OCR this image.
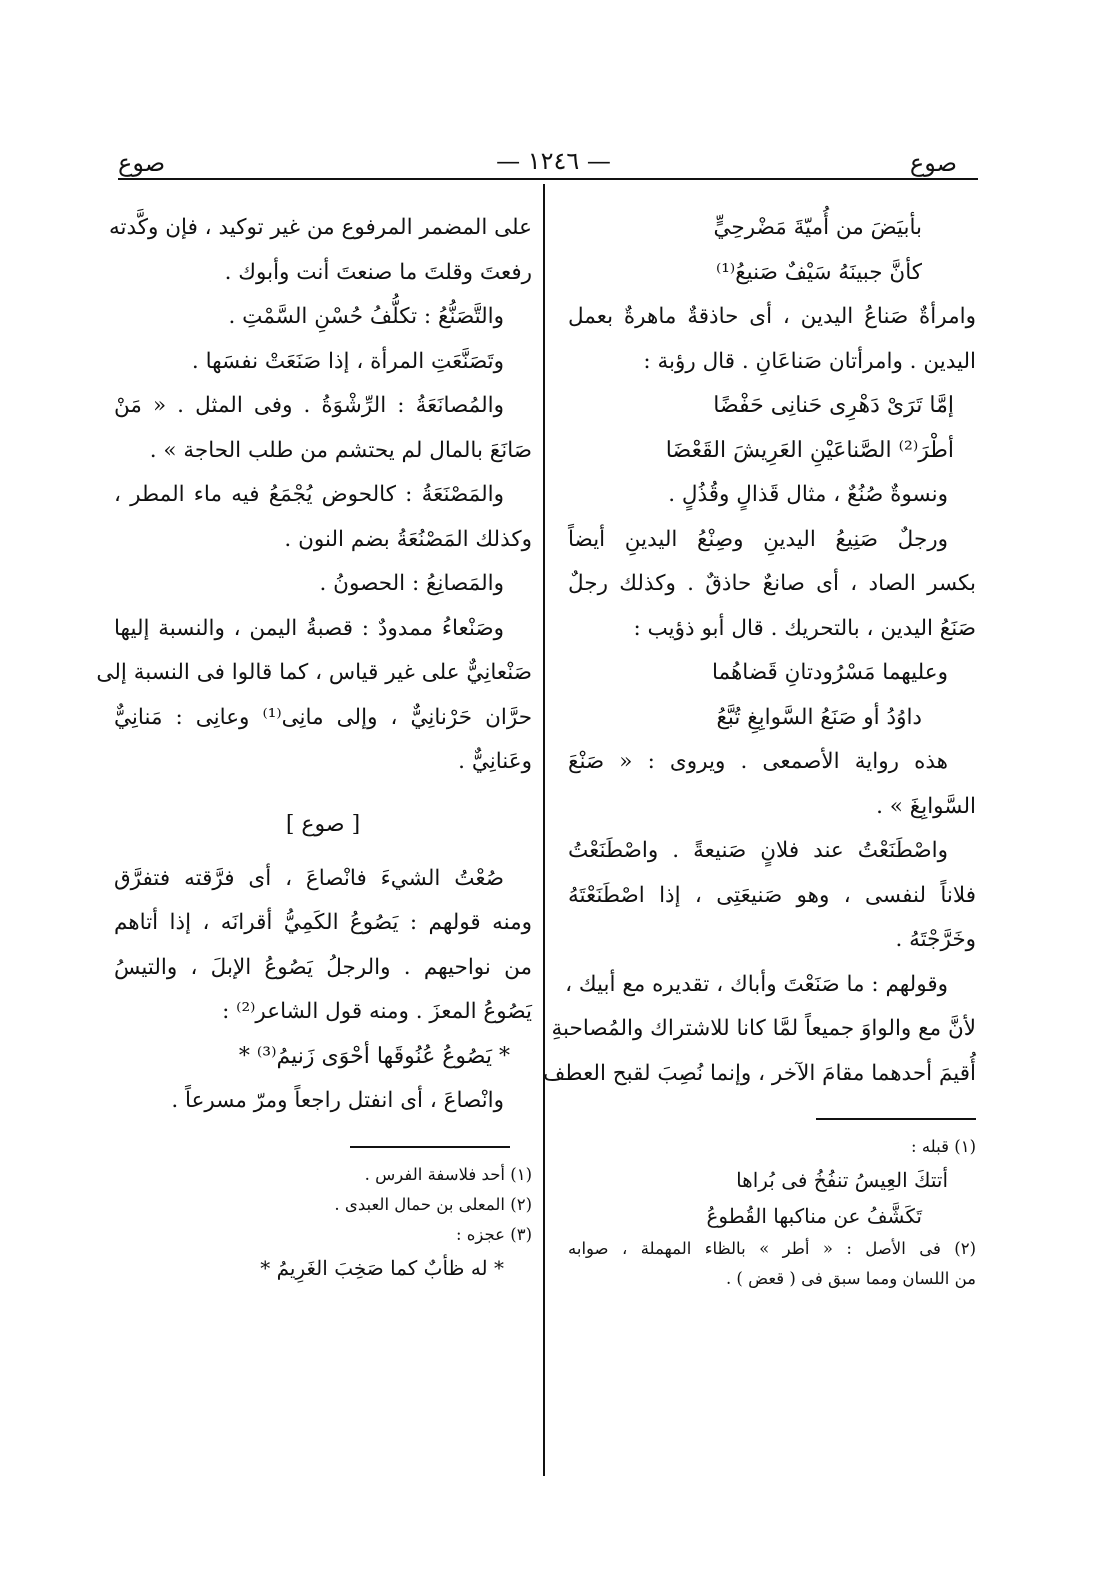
صوع
— ١٢٤٦ —
صوع
بأبيَضَ من أُميّةَ مَضْرحِيٍّ
كأنَّ جبينَهُ سَيْفٌ صَنيعُ⁽¹⁾
وامرأةٌ صَناعُ اليدين ، أى حاذقةٌ ماهرةٌ بعمل
اليدين . وامرأتان صَناعَانِ . قال رؤبة :
إمَّا تَرَىْ دَهْرِى حَنانِى حَفْضًا
أطْرَ⁽²⁾ الصَّناعَيْنِ العَرِيشَ القَعْضَا
ونسوةٌ صُنُعٌ ، مثال قَذالٍ وقُذُلٍ .
ورجلٌ صَنِيعُ اليدينِ وصِنْعُ اليدينِ أيضاً
بكسر الصاد ، أى صانعٌ حاذقٌ . وكذلك رجلٌ
صَنَعُ اليدين ، بالتحريك . قال أبو ذؤيب :
وعليهما مَسْرُودتانِ قَضاهُما
داوُدُ أو صَنَعُ السَّوابِغِ تُبَّعُ
هذه رواية الأصمعى . ويروى : « صَنْعَ
السَّوابِغَ » .
واصْطَنَعْتُ عند فلانٍ صَنيعةً . واصْطَنَعْتُ
فلاناً لنفسى ، وهو صَنيعَتِى ، إذا اصْطَنَعْتَهُ
وخَرَّجْتَهُ .
وقولهم : ما صَنَعْتَ وأباك ، تقديره مع أبيك ،
لأنَّ مع والواوَ جميعاً لمَّا كانا للاشتراك والمُصاحبةِ
أُقيمَ أحدهما مقامَ الآخر ، وإنما نُصِبَ لقبح العطف
(١) قبله :
أتتكَ العِيسُ تنفُخُ فى بُراها
تَكَشَّفُ عن مناكبها القُطوعُ
(٢) فى الأصل : « أطر » بالظاء المهملة ، صوابه
من اللسان ومما سبق فى ( قعض ) .
على المضمر المرفوع من غير توكيد ، فإن وكَّدته
رفعتَ وقلتَ ما صنعتَ أنت وأبوك .
والتَّصَنُّعُ : تكلُّفُ حُسْنِ السَّمْتِ .
وتَصَنَّعَتِ المرأة ، إذا صَنَعَتْ نفسَها .
والمُصانَعَةُ : الرِّشْوَةُ . وفى المثل . « مَنْ
صَانَعَ بالمال لم يحتشم من طلب الحاجة » .
والمَصْنَعَةُ : كالحوض يُجْمَعُ فيه ماء المطر ،
وكذلك المَصْنُعَةُ بضم النون .
والمَصانِعُ : الحصونُ .
وصَنْعاءُ ممدودٌ : قصبةُ اليمن ، والنسبة إليها
صَنْعانِيٌّ على غير قياس ، كما قالوا فى النسبة إلى
حرَّان حَرْنانِيٌّ ، وإلى مانِى⁽¹⁾ وعانِى : مَنانِيٌّ
وعَنانِيٌّ .
[ صوع ]
صُعْتُ الشيءَ فانْصاعَ ، أى فرَّقته فتفرَّق
ومنه قولهم : يَصُوعُ الكَمِيُّ أقرانَه ، إذا أتاهم
من نواحيهم . والرجلُ يَصُوعُ الإبلَ ، والتيسُ
يَصُوعُ المعزَ . ومنه قول الشاعر⁽²⁾ :
* يَصُوعُ عُنُوقَها أحْوَى زَنيمُ⁽³⁾ *
وانْصاعَ ، أى انفتل راجعاً ومرّ مسرعاً .
(١) أحد فلاسفة الفرس .
(٢) المعلى بن حمال العبدى .
(٣) عجزه :
* له ظأبٌ كما صَخِبَ الغَرِيمُ *
